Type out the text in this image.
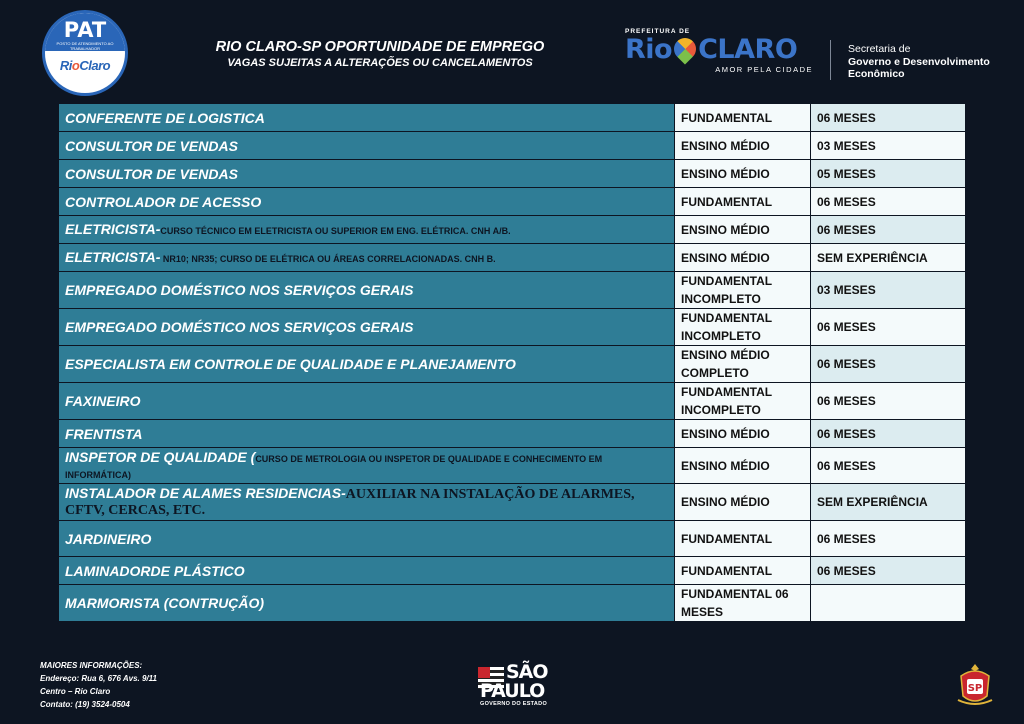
PAT
POSTO DE ATENDIMENTO AO TRABALHADOR
RioClaro
RIO CLARO-SP OPORTUNIDADE DE EMPREGO
VAGAS SUJEITAS A ALTERAÇÕES OU CANCELAMENTOS
PREFEITURA DE
Rio CLARO
AMOR PELA CIDADE
Secretaria de
Governo e Desenvolvimento
Econômico
CONFERENTE DE LOGISTICA	FUNDAMENTAL	06 MESES
CONSULTOR DE VENDAS	ENSINO MÉDIO	03 MESES
CONSULTOR DE VENDAS	ENSINO MÉDIO	05 MESES
CONTROLADOR DE ACESSO	FUNDAMENTAL	06 MESES
ELETRICISTA-CURSO TÉCNICO EM ELETRICISTA OU SUPERIOR EM ENG. ELÉTRICA. CNH A/B.	ENSINO MÉDIO	06 MESES
ELETRICISTA- NR10; NR35; CURSO DE ELÉTRICA OU ÁREAS CORRELACIONADAS. CNH B.	ENSINO MÉDIO	SEM EXPERIÊNCIA
EMPREGADO DOMÉSTICO NOS SERVIÇOS GERAIS	FUNDAMENTAL INCOMPLETO	03 MESES
EMPREGADO DOMÉSTICO NOS SERVIÇOS GERAIS	FUNDAMENTAL INCOMPLETO	06 MESES
ESPECIALISTA EM CONTROLE DE QUALIDADE E PLANEJAMENTO	ENSINO MÉDIO COMPLETO	06 MESES
FAXINEIRO	FUNDAMENTAL INCOMPLETO	06 MESES
FRENTISTA	ENSINO MÉDIO	06 MESES
INSPETOR DE QUALIDADE (CURSO DE METROLOGIA OU INSPETOR DE QUALIDADE E CONHECIMENTO EM INFORMÁTICA)	ENSINO MÉDIO	06 MESES
INSTALADOR DE ALAMES RESIDENCIAS-AUXILIAR NA INSTALAÇÃO DE ALARMES, CFTV, CERCAS, ETC.	ENSINO MÉDIO	SEM EXPERIÊNCIA
JARDINEIRO	FUNDAMENTAL	06 MESES
LAMINADORDE PLÁSTICO	FUNDAMENTAL	06 MESES
MARMORISTA (CONTRUÇÃO)	FUNDAMENTAL 06 MESES	
MAIORES INFORMAÇÕES:
Endereço: Rua 6, 676 Avs. 9/11
Centro – Rio Claro
Contato: (19) 3524-0504
SÃO
PAULO
GOVERNO DO ESTADO
SP
